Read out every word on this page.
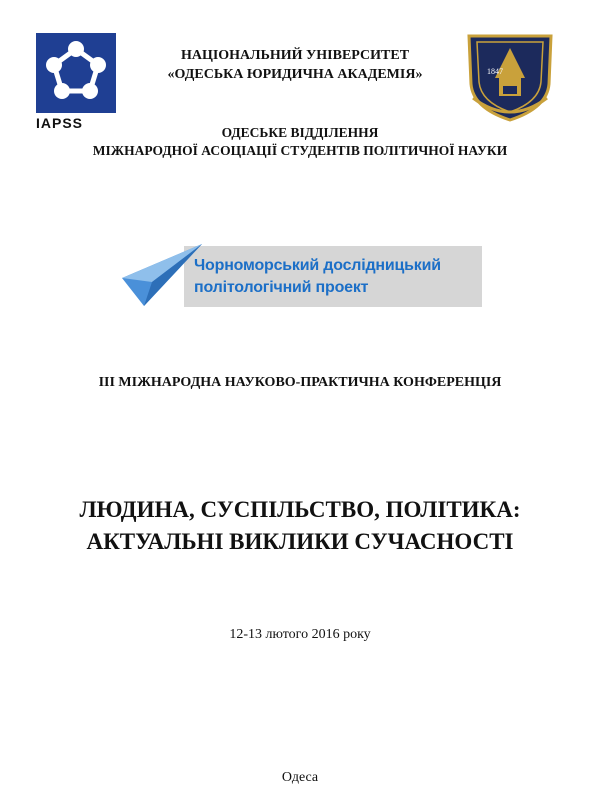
IAPSS
НАЦІОНАЛЬНИЙ УНІВЕРСИТЕТ
«ОДЕСЬКА ЮРИДИЧНА АКАДЕМІЯ»	1847
ОДЕСЬКЕ ВІДДІЛЕННЯ
МІЖНАРОДНОЇ АСОЦІАЦІЇ СТУДЕНТІВ ПОЛІТИЧНОЇ НАУКИ
Чорноморський дослідницький
політологічний проект
ІІІ МІЖНАРОДНА НАУКОВО-ПРАКТИЧНА КОНФЕРЕНЦІЯ
ЛЮДИНА, СУСПІЛЬСТВО, ПОЛІТИКА:
АКТУАЛЬНІ ВИКЛИКИ СУЧАСНОСТІ
12-13 лютого 2016 року
Одеса
